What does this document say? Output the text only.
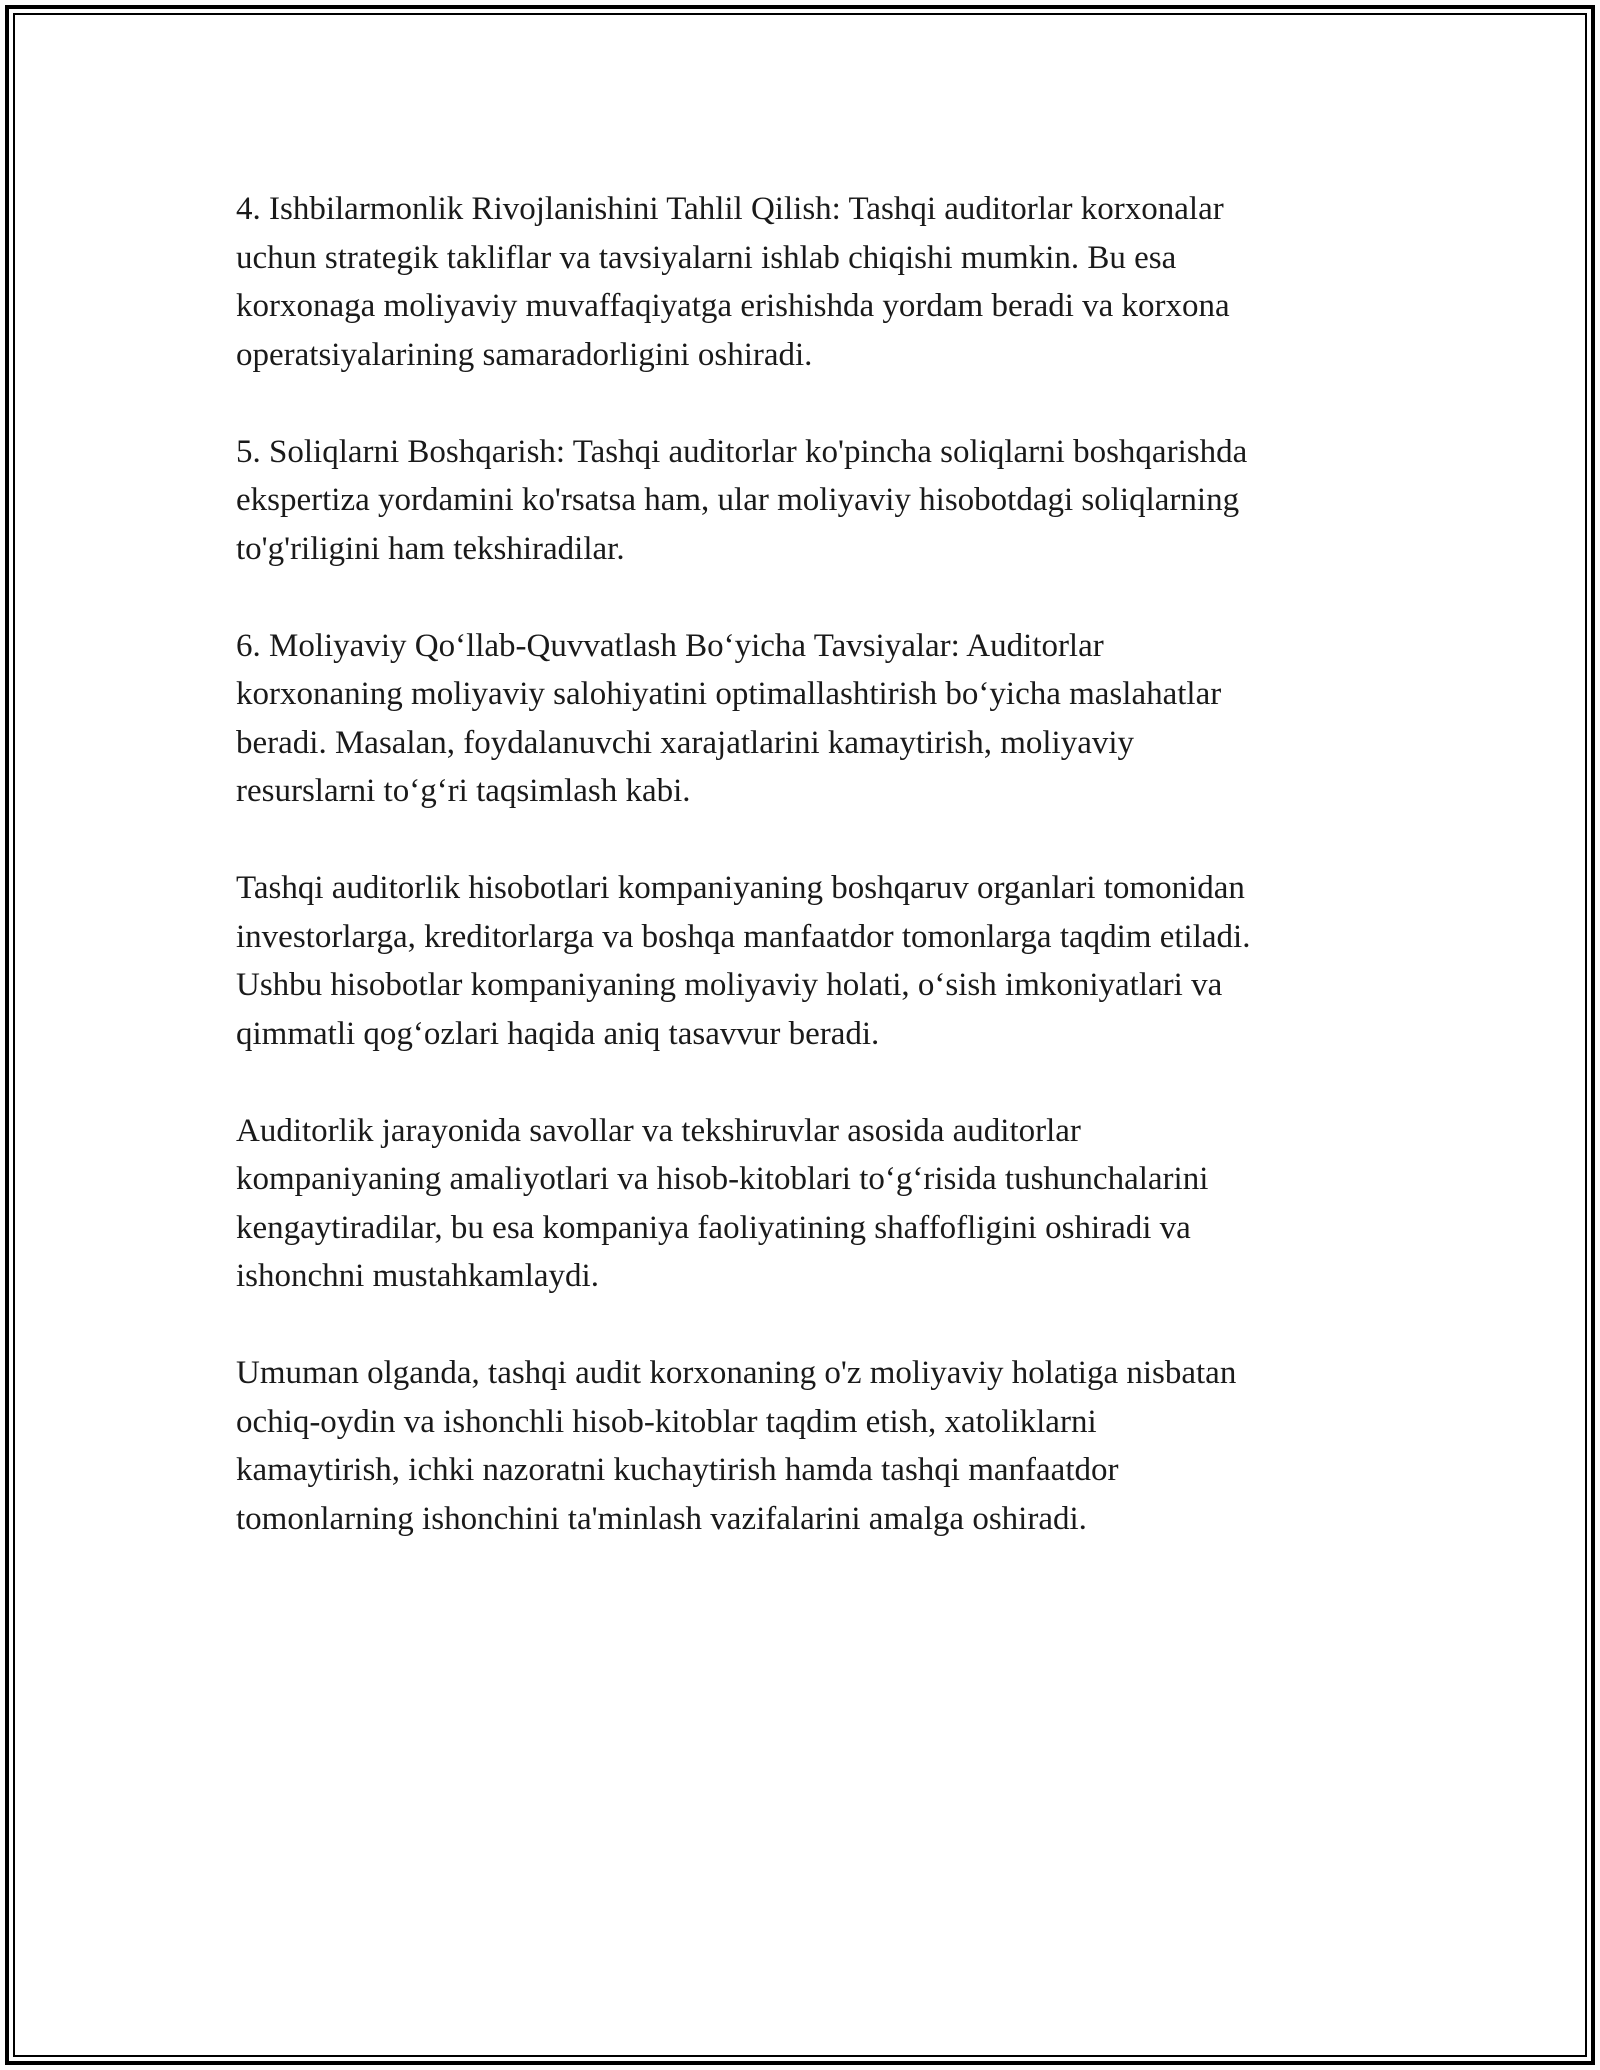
4. Ishbilarmonlik Rivojlanishini Tahlil Qilish: Tashqi auditorlar korxonalar
uchun strategik takliflar va tavsiyalarni ishlab chiqishi mumkin. Bu esa
korxonaga moliyaviy muvaffaqiyatga erishishda yordam beradi va korxona
operatsiyalarining samaradorligini oshiradi.

5. Soliqlarni Boshqarish: Tashqi auditorlar ko'pincha soliqlarni boshqarishda
ekspertiza yordamini ko'rsatsa ham, ular moliyaviy hisobotdagi soliqlarning
to'g'riligini ham tekshiradilar.

6. Moliyaviy Qo‘llab-Quvvatlash Bo‘yicha Tavsiyalar: Auditorlar
korxonaning moliyaviy salohiyatini optimallashtirish bo‘yicha maslahatlar
beradi. Masalan, foydalanuvchi xarajatlarini kamaytirish, moliyaviy
resurslarni to‘g‘ri taqsimlash kabi.

Tashqi auditorlik hisobotlari kompaniyaning boshqaruv organlari tomonidan
investorlarga, kreditorlarga va boshqa manfaatdor tomonlarga taqdim etiladi.
Ushbu hisobotlar kompaniyaning moliyaviy holati, o‘sish imkoniyatlari va
qimmatli qog‘ozlari haqida aniq tasavvur beradi.

Auditorlik jarayonida savollar va tekshiruvlar asosida auditorlar
kompaniyaning amaliyotlari va hisob-kitoblari to‘g‘risida tushunchalarini
kengaytiradilar, bu esa kompaniya faoliyatining shaffofligini oshiradi va
ishonchni mustahkamlaydi.

Umuman olganda, tashqi audit korxonaning o'z moliyaviy holatiga nisbatan
ochiq-oydin va ishonchli hisob-kitoblar taqdim etish, xatoliklarni
kamaytirish, ichki nazoratni kuchaytirish hamda tashqi manfaatdor
tomonlarning ishonchini ta'minlash vazifalarini amalga oshiradi.
